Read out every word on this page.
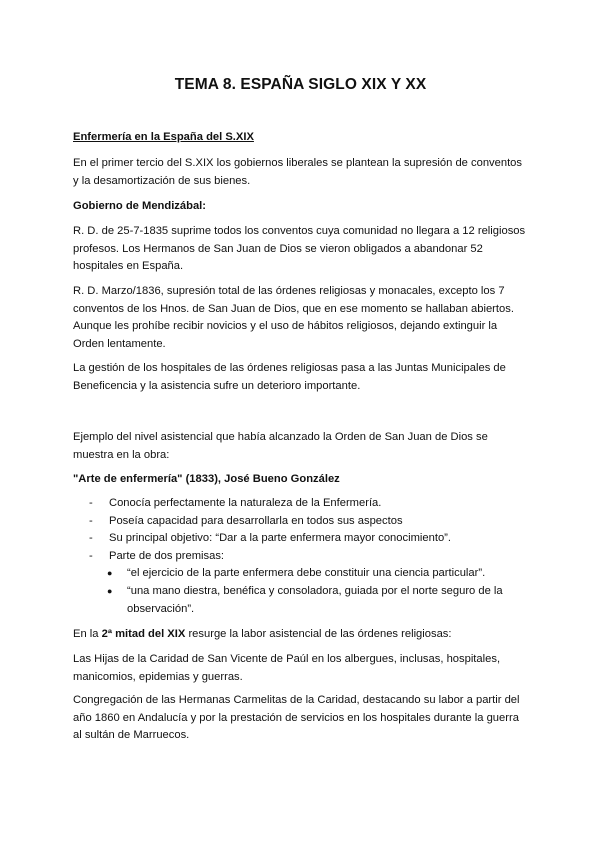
TEMA 8. ESPAÑA SIGLO XIX Y XX

Enfermería en la España del S.XIX

En el primer tercio del S.XIX los gobiernos liberales se plantean la supresión de conventos y la desamortización de sus bienes.

Gobierno de Mendizábal:

R. D. de 25-7-1835 suprime todos los conventos cuya comunidad no llegara a 12 religiosos profesos. Los Hermanos de San Juan de Dios se vieron obligados a abandonar 52 hospitales en España.

R. D. Marzo/1836, supresión total de las órdenes religiosas y monacales, excepto los 7 conventos de los Hnos. de San Juan de Dios, que en ese momento se hallaban abiertos. Aunque les prohíbe recibir novicios y el uso de hábitos religiosos, dejando extinguir la Orden lentamente.

La gestión de los hospitales de las órdenes religiosas pasa a las Juntas Municipales de Beneficencia y la asistencia sufre un deterioro importante.

Ejemplo del nivel asistencial que había alcanzado la Orden de San Juan de Dios se muestra en la obra:

"Arte de enfermería" (1833), José Bueno González

- Conocía perfectamente la naturaleza de la Enfermería.
- Poseía capacidad para desarrollarla en todos sus aspectos
- Su principal objetivo: “Dar a la parte enfermera mayor conocimiento”.
- Parte de dos premisas:
● “el ejercicio de la parte enfermera debe constituir una ciencia particular”.
● “una mano diestra, benéfica y consoladora, guiada por el norte seguro de la observación”.

En la 2ª mitad del XIX resurge la labor asistencial de las órdenes religiosas:

Las Hijas de la Caridad de San Vicente de Paúl en los albergues, inclusas, hospitales, manicomios, epidemias y guerras.

Congregación de las Hermanas Carmelitas de la Caridad, destacando su labor a partir del año 1860 en Andalucía y por la prestación de servicios en los hospitales durante la guerra al sultán de Marruecos.
